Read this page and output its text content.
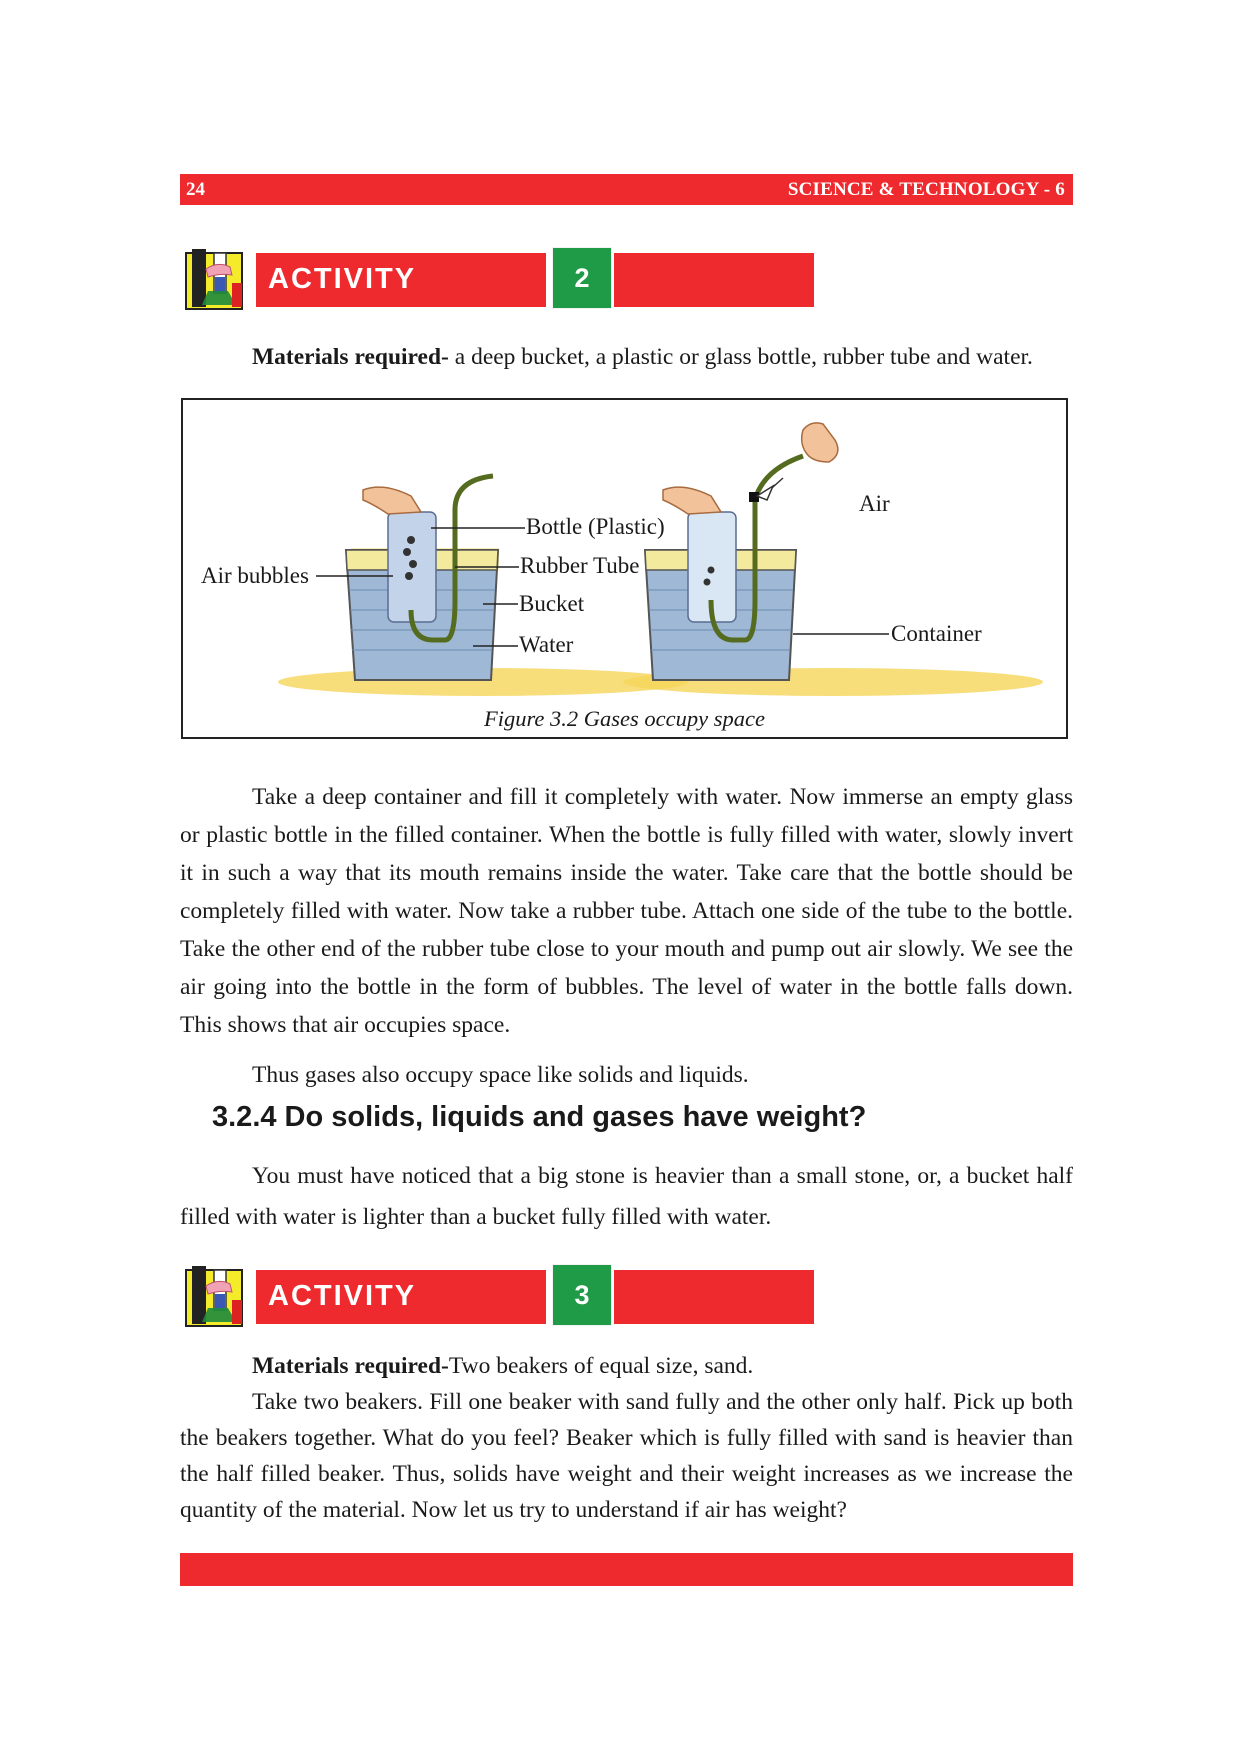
24	SCIENCE & TECHNOLOGY - 6
ACTIVITY	2

Materials required- a deep bucket, a plastic or glass bottle, rubber tube and water.

Air bubbles
Bottle (Plastic)
Rubber Tube
Bucket
Water
Air
Container
Figure 3.2 Gases occupy space

Take a deep container and fill it completely with water. Now immerse an empty glass or plastic bottle in the filled container. When the bottle is fully filled with water, slowly invert it in such a way that its mouth remains inside the water. Take care that the bottle should be completely filled with water. Now take a rubber tube. Attach one side of the tube to the bottle. Take the other end of the rubber tube close to your mouth and pump out air slowly. We see the air going into the bottle in the form of bubbles. The level of water in the bottle falls down. This shows that air occupies space.

Thus gases also occupy space like solids and liquids.

3.2.4 Do solids, liquids and gases have weight?

You must have noticed that a big stone is heavier than a small stone, or, a bucket half filled with water is lighter than a bucket fully filled with water.

ACTIVITY	3

Materials required-Two beakers of equal size, sand.

Take two beakers. Fill one beaker with sand fully and the other only half. Pick up both the beakers together. What do you feel? Beaker which is fully filled with sand is heavier than the half filled beaker. Thus, solids have weight and their weight increases as we increase the quantity of the material. Now let us try to understand if air has weight?
